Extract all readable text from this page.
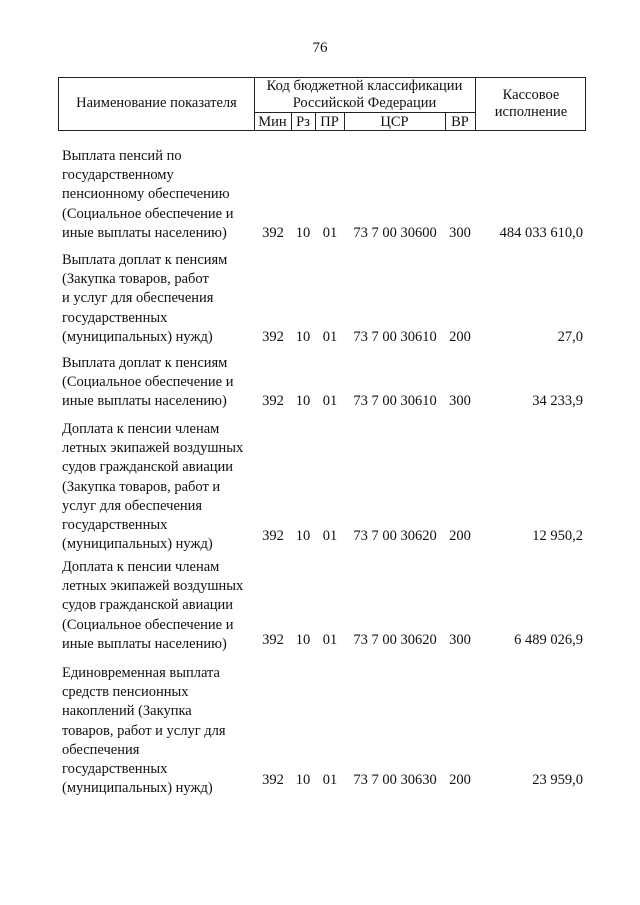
76
Наименование показателя
Код бюджетной классификации
Российской Федерации	Кассовое
исполнение
Мин Рз ПР	ЦСР	ВР
Выплата пенсий по
государственному
пенсионному обеспечению
(Социальное обеспечение и
иные выплаты населению)	392 10 01	73 7 00 30600 300	484 033 610,0
Выплата доплат к пенсиям
(Закупка товаров, работ
и услуг для обеспечения
государственных
(муниципальных) нужд)	392 10 01	73 7 00 30610 200	27,0
Выплата доплат к пенсиям
(Социальное обеспечение и
иные выплаты населению)	392 10 01	73 7 00 30610 300	34 233,9
Доплата к пенсии членам
летных экипажей воздушных
судов гражданской авиации
(Закупка товаров, работ и
услуг для обеспечения
государственных
(муниципальных) нужд)
392 10 01	73 7 00 30620 200	12 950,2
Доплата к пенсии членам
летных экипажей воздушных
судов гражданской авиации
(Социальное обеспечение и
иные выплаты населению)	392 10 01	73 7 00 30620 300	6 489 026,9
Единовременная выплата
средств пенсионных
накоплений (Закупка
товаров, работ и услуг для
обеспечения
государственных
(муниципальных) нужд)
392 10 01	73 7 00 30630 200	23 959,0
